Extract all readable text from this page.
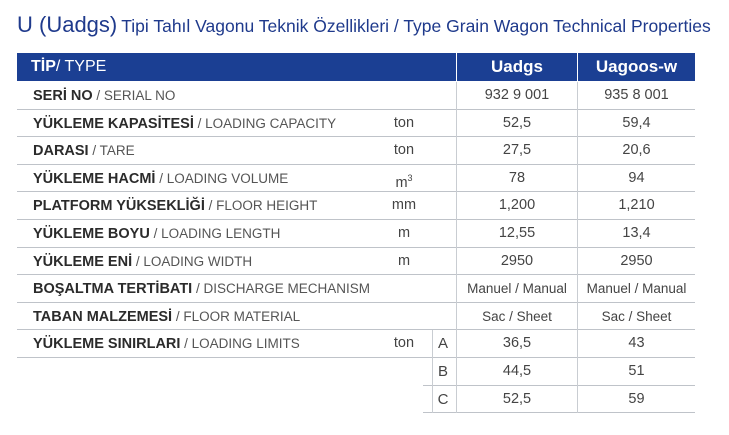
U (Uadgs) Tipi Tahıl Vagonu Teknik Özellikleri / Type Grain Wagon Technical Properties
TİP / TYPE	Uadgs	Uagoos-w
SERİ NO / SERIAL NO	932 9 001	935 8 001
YÜKLEME KAPASİTESİ / LOADING CAPACITY	ton	52,5	59,4
DARASI / TARE	ton	27,5	20,6
YÜKLEME HACMİ / LOADING VOLUME	$m^3$	78	94
PLATFORM YÜKSEKLİĞİ / FLOOR HEIGHT	mm	1,200	1,210
YÜKLEME BOYU / LOADING LENGTH	m	12,55	13,4
YÜKLEME ENİ / LOADING WIDTH	m	2950	2950
BOŞALTMA TERTİBATI / DISCHARGE MECHANISM	Manuel / Manual	Manuel / Manual
TABAN MALZEMESİ / FLOOR MATERIAL	Sac / Sheet	Sac / Sheet
YÜKLEME SINIRLARI / LOADING LIMITS	ton	A	36,5	43
B	44,5	51
C	52,5	59
